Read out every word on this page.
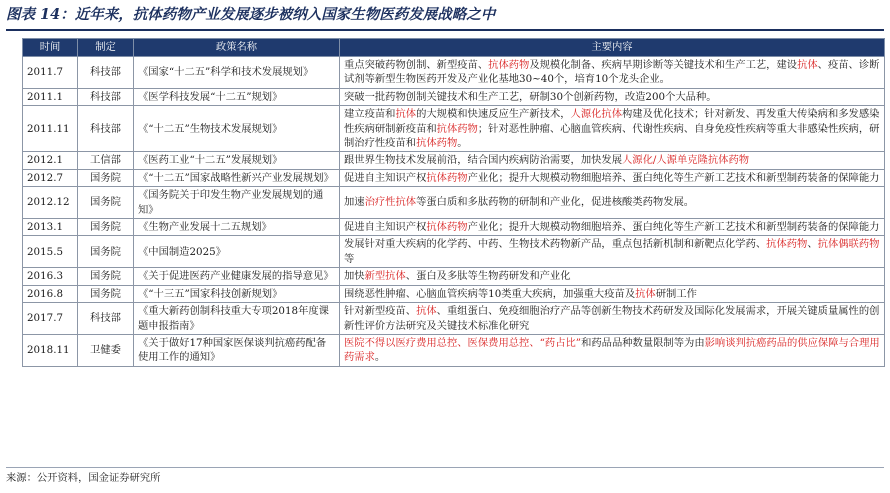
图表 14：近年来，抗体药物产业发展逐步被纳入国家生物医药发展战略之中
时间	制定	政策名称	主要内容
2011.7	科技部	《国家“十二五”科学和技术发展规划》	重点突破药物创制、新型疫苗、抗体药物及规模化制备、疾病早期诊断等关键技术和生产工艺，建设抗体、疫苗、诊断试剂等新型生物医药开发及产业化基地30~40个，培育10个龙头企业。
2011.1	科技部	《医学科技发展“十二五”规划》	突破一批药物创制关键技术和生产工艺，研制30个创新药物，改造200个大品种。
2011.11	科技部	《“十二五”生物技术发展规划》	建立疫苗和抗体的大规模和快速反应生产新技术，人源化抗体构建及优化技术；针对新发、再发重大传染病和多发感染性疾病研制新疫苗和抗体药物；针对恶性肿瘤、心脑血管疾病、代谢性疾病、自身免疫性疾病等重大非感染性疾病，研制治疗性疫苗和抗体药物。
2012.1	工信部	《医药工业“十二五”发展规划》	跟世界生物技术发展前沿，结合国内疾病防治需要，加快发展人源化/人源单克隆抗体药物
2012.7	国务院	《“十二五”国家战略性新兴产业发展规划》	促进自主知识产权抗体药物产业化；提升大规模动物细胞培养、蛋白纯化等生产新工艺技术和新型制药装备的保障能力
2012.12	国务院	《国务院关于印发生物产业发展规划的通知》	加速治疗性抗体等蛋白质和多肽药物的研制和产业化，促进核酸类药物发展。
2013.1	国务院	《生物产业发展十二五规划》	促进自主知识产权抗体药物产业化；提升大规模动物细胞培养、蛋白纯化等生产新工艺技术和新型制药装备的保障能力
2015.5	国务院	《中国制造2025》	发展针对重大疾病的化学药、中药、生物技术药物新产品，重点包括新机制和新靶点化学药、抗体药物、抗体偶联药物等
2016.3	国务院	《关于促进医药产业健康发展的指导意见》	加快新型抗体、蛋白及多肽等生物药研发和产业化
2016.8	国务院	《“十三五”国家科技创新规划》	围绕恶性肿瘤、心脑血管疾病等10类重大疾病，加强重大疫苗及抗体研制工作
2017.7	科技部	《重大新药创制科技重大专项2018年度课题申报指南》	针对新型疫苗、抗体、重组蛋白、免疫细胞治疗产品等创新生物技术药研发及国际化发展需求，开展关键质量属性的创新性评价方法研究及关键技术标准化研究
2018.11	卫健委	《关于做好17种国家医保谈判抗癌药配备使用工作的通知》	医院不得以医疗费用总控、医保费用总控、“药占比”和药品品种数量限制等为由影响谈判抗癌药品的供应保障与合理用药需求。
来源：公开资料，国金证券研究所
